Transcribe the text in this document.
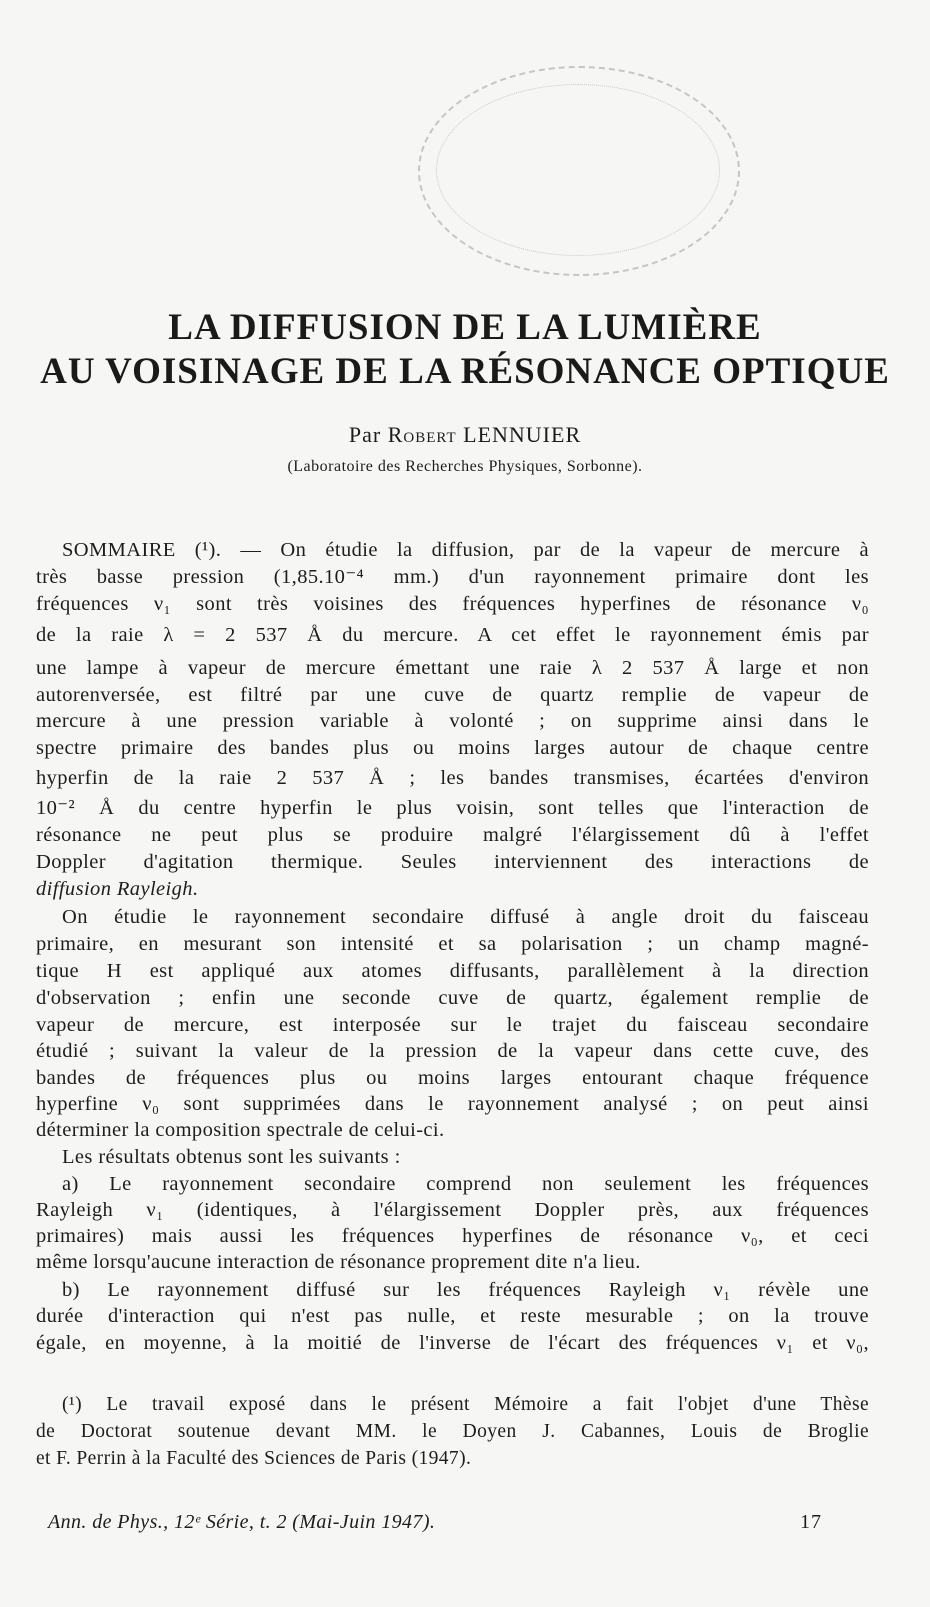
LA DIFFUSION DE LA LUMIÈRE
AU VOISINAGE DE LA RÉSONANCE OPTIQUE
Par Robert LENNUIER
(Laboratoire des Recherches Physiques, Sorbonne).
SOMMAIRE (¹). — On étudie la diffusion, par de la vapeur de mercure à
très basse pression (1,85.10⁻⁴ mm.) d'un rayonnement primaire dont les
fréquences ν₁ sont très voisines des fréquences hyperfines de résonance ν₀
de la raie λ = 2 537 Å du mercure. A cet effet le rayonnement émis par
une lampe à vapeur de mercure émettant une raie λ 2 537 Å large et non
autorenversée, est filtré par une cuve de quartz remplie de vapeur de
mercure à une pression variable à volonté ; on supprime ainsi dans le
spectre primaire des bandes plus ou moins larges autour de chaque centre
hyperfin de la raie 2 537 Å ; les bandes transmises, écartées d'environ
10⁻² Å du centre hyperfin le plus voisin, sont telles que l'interaction de
résonance ne peut plus se produire malgré l'élargissement dû à l'effet
Doppler d'agitation thermique. Seules interviennent des interactions de
diffusion Rayleigh.
On étudie le rayonnement secondaire diffusé à angle droit du faisceau
primaire, en mesurant son intensité et sa polarisation ; un champ magné-
tique H est appliqué aux atomes diffusants, parallèlement à la direction
d'observation ; enfin une seconde cuve de quartz, également remplie de
vapeur de mercure, est interposée sur le trajet du faisceau secondaire
étudié ; suivant la valeur de la pression de la vapeur dans cette cuve, des
bandes de fréquences plus ou moins larges entourant chaque fréquence
hyperfine ν₀ sont supprimées dans le rayonnement analysé ; on peut ainsi
déterminer la composition spectrale de celui-ci.
Les résultats obtenus sont les suivants :
a) Le rayonnement secondaire comprend non seulement les fréquences
Rayleigh ν₁ (identiques, à l'élargissement Doppler près, aux fréquences
primaires) mais aussi les fréquences hyperfines de résonance ν₀, et ceci
même lorsqu'aucune interaction de résonance proprement dite n'a lieu.
b) Le rayonnement diffusé sur les fréquences Rayleigh ν₁ révèle une
durée d'interaction qui n'est pas nulle, et reste mesurable ; on la trouve
égale, en moyenne, à la moitié de l'inverse de l'écart des fréquences ν₁ et ν₀,
(¹) Le travail exposé dans le présent Mémoire a fait l'objet d'une Thèse
de Doctorat soutenue devant MM. le Doyen J. Cabannes, Louis de Broglie
et F. Perrin à la Faculté des Sciences de Paris (1947).
Ann. de Phys., 12ᵉ Série, t. 2 (Mai-Juin 1947).	17
